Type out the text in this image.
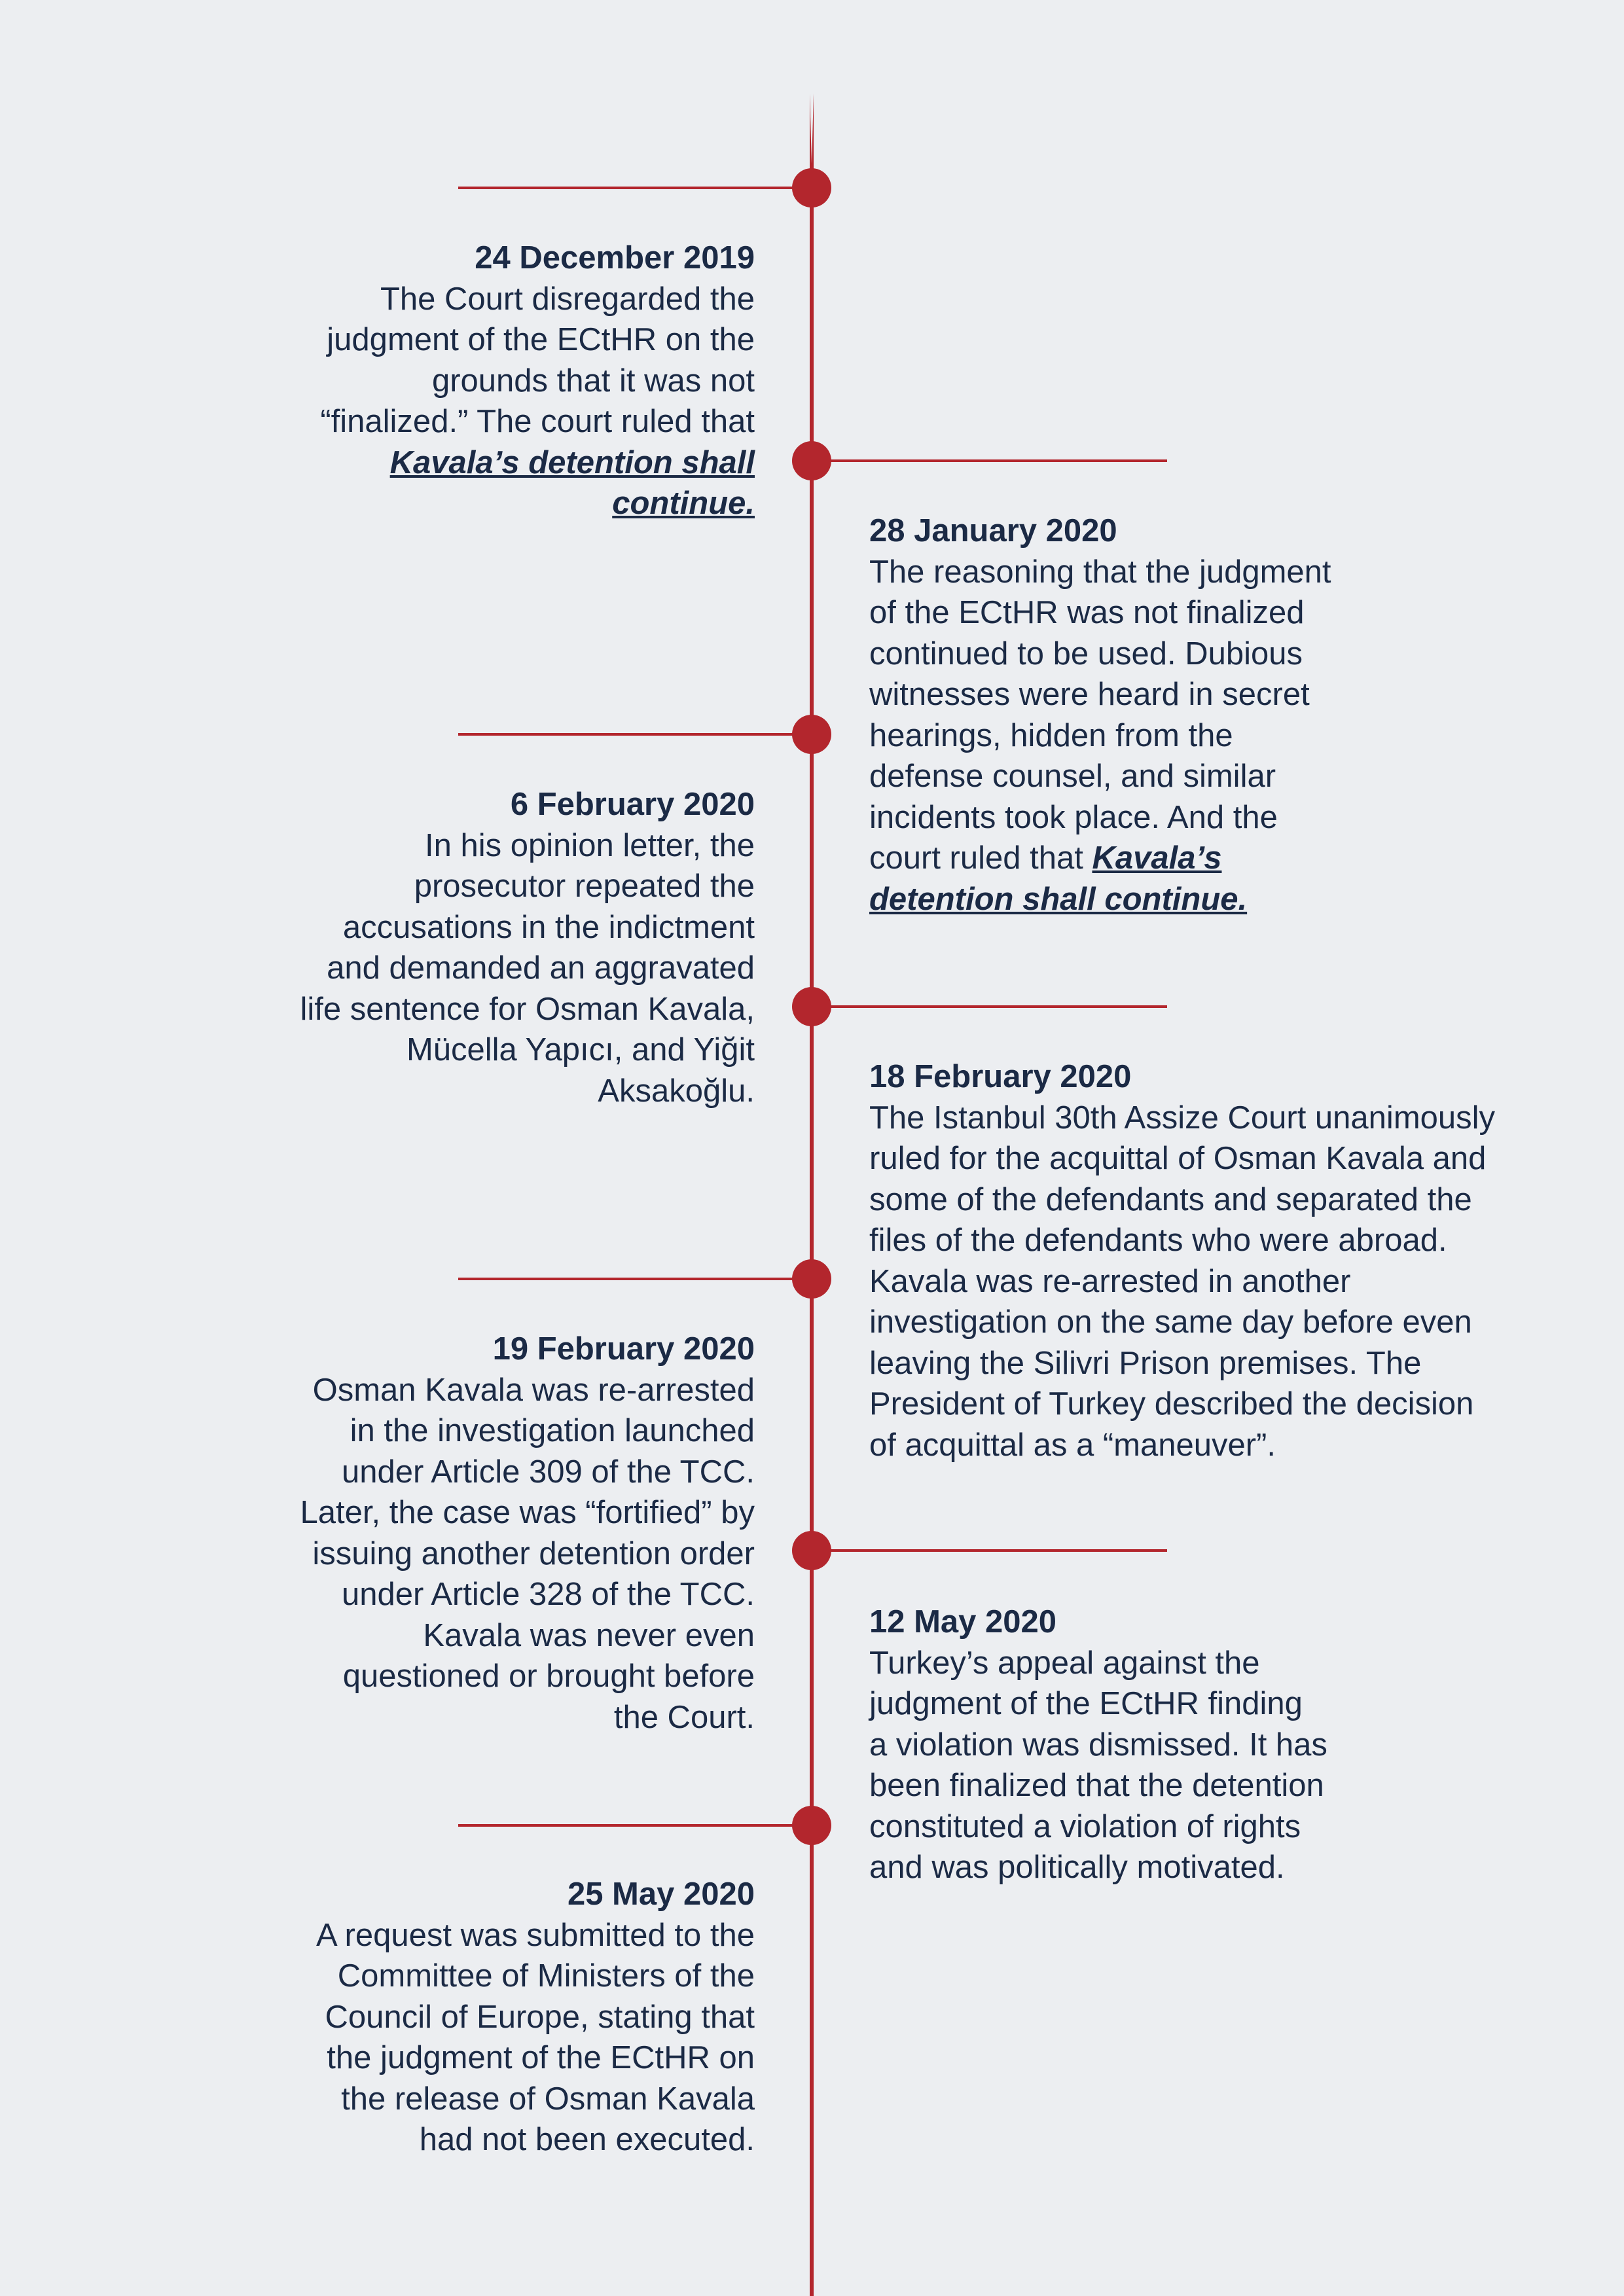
24 December 2019
The Court disregarded the judgment of the ECtHR on the grounds that it was not “finalized.” The court ruled that Kavala’s detention shall continue.
28 January 2020
The reasoning that the judgment of the ECtHR was not finalized continued to be used. Dubious witnesses were heard in secret hearings, hidden from the defense counsel, and similar incidents took place. And the court ruled that Kavala’s detention shall continue.
6 February 2020
In his opinion letter, the prosecutor repeated the accusations in the indictment and demanded an aggravated life sentence for Osman Kavala, Mücella Yapıcı, and Yiğit Aksakoğlu.	18 February 2020
The Istanbul 30th Assize Court unanimously ruled for the acquittal of Osman Kavala and some of the defendants and separated the files of the defendants who were abroad. Kavala was re-arrested in another investigation on the same day before even leaving the Silivri Prison premises. The President of Turkey described the decision of acquittal as a “maneuver”.
19 February 2020
Osman Kavala was re-arrested in the investigation launched under Article 309 of the TCC. Later, the case was “fortified” by issuing another detention order under Article 328 of the TCC. Kavala was never even questioned or brought before the Court.
12 May 2020
Turkey’s appeal against the judgment of the ECtHR finding a violation was dismissed. It has been finalized that the detention constituted a violation of rights and was politically motivated.
25 May 2020
A request was submitted to the Committee of Ministers of the Council of Europe, stating that the judgment of the ECtHR on the release of Osman Kavala had not been executed.
